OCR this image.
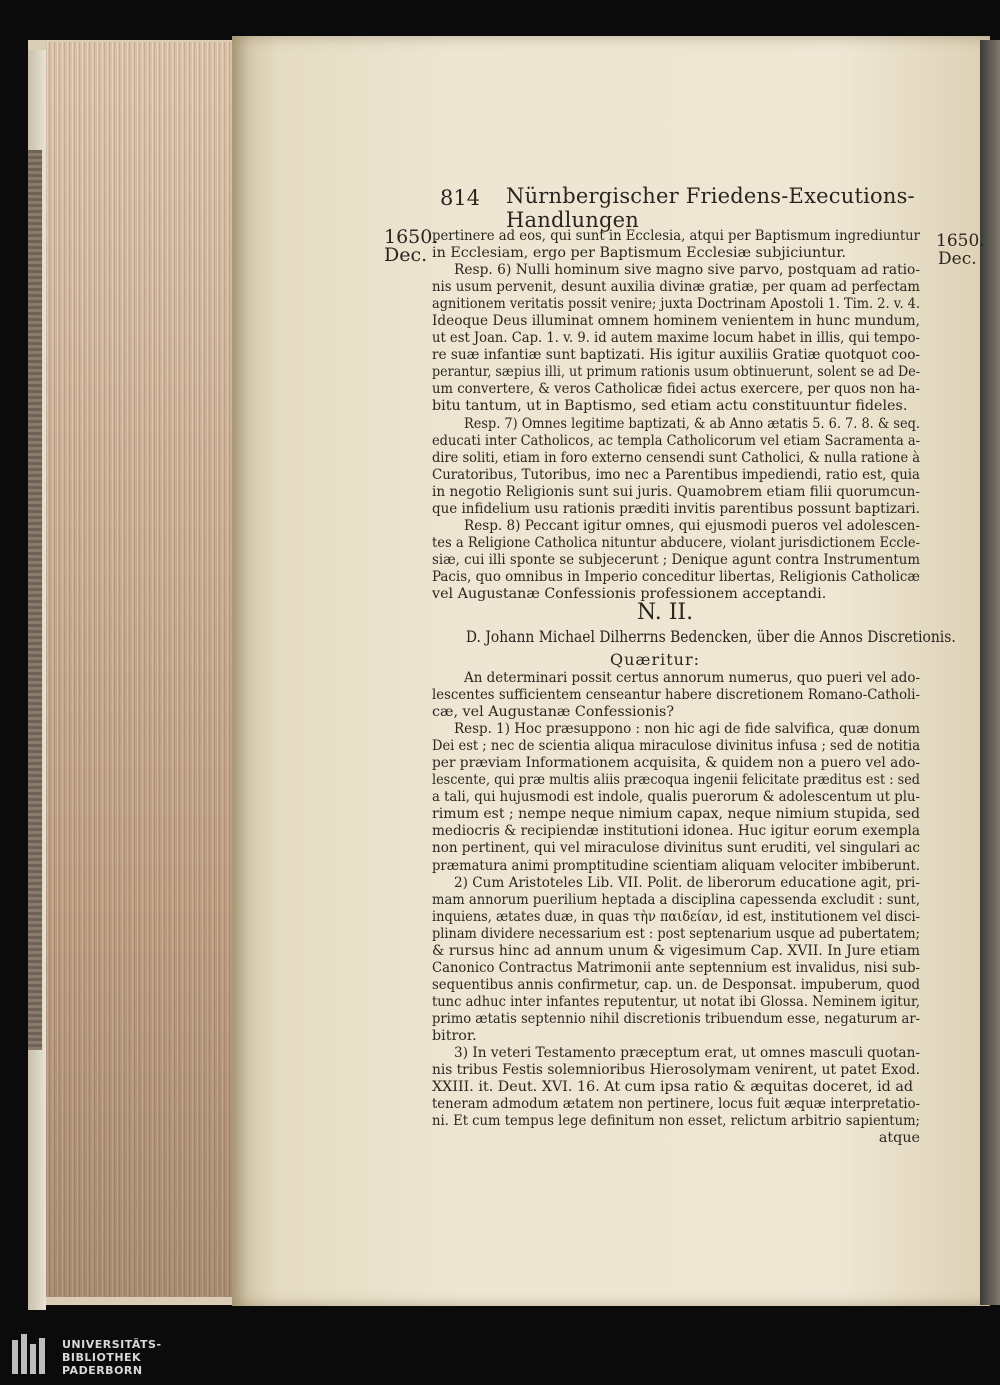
814 Nürnbergischer Friedens-Executions-Handlungen
1650.
Dec.
1650.
Dec.
pertinere ad eos, qui sunt in Ecclesia, atqui per Baptismum ingrediuntur
in Ecclesiam, ergo per Baptismum Ecclesiæ subjiciuntur.
Resp. 6) Nulli hominum sive magno sive parvo, postquam ad ratio-
nis usum pervenit, desunt auxilia divinæ gratiæ, per quam ad perfectam
agnitionem veritatis possit venire; juxta Doctrinam Apostoli 1. Tim. 2. v. 4.
Ideoque Deus illuminat omnem hominem venientem in hunc mundum,
ut est Joan. Cap. 1. v. 9. id autem maxime locum habet in illis, qui tempo-
re suæ infantiæ sunt baptizati. His igitur auxiliis Gratiæ quotquot coo-
perantur, sæpius illi, ut primum rationis usum obtinuerunt, solent se ad De-
um convertere, & veros Catholicæ fidei actus exercere, per quos non ha-
bitu tantum, ut in Baptismo, sed etiam actu constituuntur fideles.
Resp. 7) Omnes legitime baptizati, & ab Anno ætatis 5. 6. 7. 8. & seq.
educati inter Catholicos, ac templa Catholicorum vel etiam Sacramenta a-
dire soliti, etiam in foro externo censendi sunt Catholici, & nulla ratione à
Curatoribus, Tutoribus, imo nec a Parentibus impediendi, ratio est, quia
in negotio Religionis sunt sui juris. Quamobrem etiam filii quorumcun-
que infidelium usu rationis præditi invitis parentibus possunt baptizari.
Resp. 8) Peccant igitur omnes, qui ejusmodi pueros vel adolescen-
tes a Religione Catholica nituntur abducere, violant jurisdictionem Eccle-
siæ, cui illi sponte se subjecerunt ; Denique agunt contra Instrumentum
Pacis, quo omnibus in Imperio conceditur libertas, Religionis Catholicæ
vel Augustanæ Confessionis professionem acceptandi.
N. II.
D. Johann Michael Dilherrns Bedencken, über die Annos Discretionis.
Quæritur:
An determinari possit certus annorum numerus, quo pueri vel ado-
lescentes sufficientem censeantur habere discretionem Romano-Catholi-
cæ, vel Augustanæ Confessionis?
Resp. 1) Hoc præsuppono : non hic agi de fide salvifica, quæ donum
Dei est ; nec de scientia aliqua miraculose divinitus infusa ; sed de notitia
per præviam Informationem acquisita, & quidem non a puero vel ado-
lescente, qui præ multis aliis præcoqua ingenii felicitate præditus est : sed
a tali, qui hujusmodi est indole, qualis puerorum & adolescentum ut plu-
rimum est ; nempe neque nimium capax, neque nimium stupida, sed
mediocris & recipiendæ institutioni idonea. Huc igitur eorum exempla
non pertinent, qui vel miraculose divinitus sunt eruditi, vel singulari ac
præmatura animi promptitudine scientiam aliquam velociter imbiberunt.
2) Cum Aristoteles Lib. VII. Polit. de liberorum educatione agit, pri-
mam annorum puerilium heptada a disciplina capessenda excludit : sunt,
inquiens, ætates duæ, in quas τὴν παιδείαν, id est, institutionem vel disci-
plinam dividere necessarium est : post septenarium usque ad pubertatem;
& rursus hinc ad annum unum & vigesimum Cap. XVII. In Jure etiam
Canonico Contractus Matrimonii ante septennium est invalidus, nisi sub-
sequentibus annis confirmetur, cap. un. de Desponsat. impuberum, quod
tunc adhuc inter infantes reputentur, ut notat ibi Glossa. Neminem igitur,
primo ætatis septennio nihil discretionis tribuendum esse, negaturum ar-
bitror.
3) In veteri Testamento præceptum erat, ut omnes masculi quotan-
nis tribus Festis solemnioribus Hierosolymam venirent, ut patet Exod.
XXIII. it. Deut. XVI. 16. At cum ipsa ratio & æquitas doceret, id ad
teneram admodum ætatem non pertinere, locus fuit æquæ interpretatio-
ni. Et cum tempus lege definitum non esset, relictum arbitrio sapientum;
atque
UNIVERSITÄTS-
BIBLIOTHEK
PADERBORN
